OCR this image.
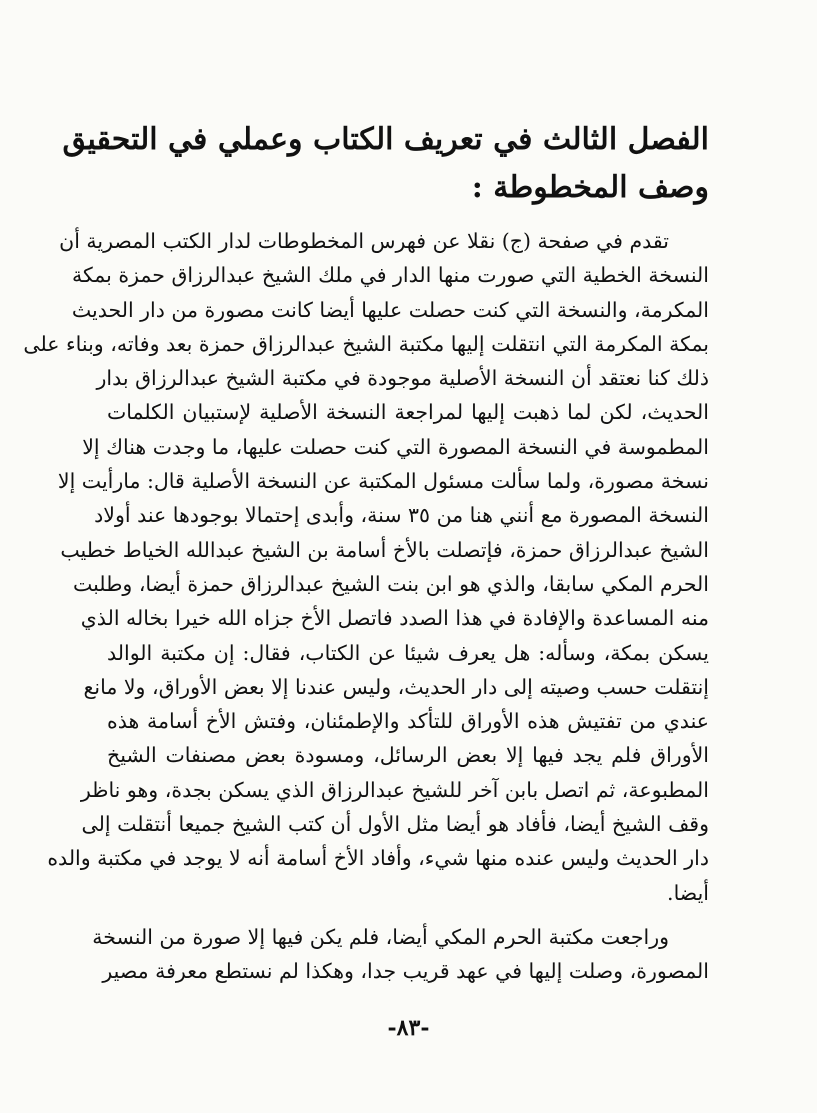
الفصل الثالث في تعريف الكتاب وعملي في التحقيق
وصف المخطوطة :
تقدم في صفحة (ج) نقلا عن فهرس المخطوطات لدار الكتب المصرية أن
النسخة الخطية التي صورت منها الدار في ملك الشيخ عبدالرزاق حمزة بمكة
المكرمة، والنسخة التي كنت حصلت عليها أيضا كانت مصورة من دار الحديث
بمكة المكرمة التي انتقلت إليها مكتبة الشيخ عبدالرزاق حمزة بعد وفاته، وبناء على
ذلك كنا نعتقد أن النسخة الأصلية موجودة في مكتبة الشيخ عبدالرزاق بدار
الحديث، لكن لما ذهبت إليها لمراجعة النسخة الأصلية لإستبيان الكلمات
المطموسة في النسخة المصورة التي كنت حصلت عليها، ما وجدت هناك إلا
نسخة مصورة، ولما سألت مسئول المكتبة عن النسخة الأصلية قال: مارأيت إلا
النسخة المصورة مع أنني هنا من ٣٥ سنة، وأبدى إحتمالا بوجودها عند أولاد
الشيخ عبدالرزاق حمزة، فإتصلت بالأخ أسامة بن الشيخ عبدالله الخياط خطيب
الحرم المكي سابقا، والذي هو ابن بنت الشيخ عبدالرزاق حمزة أيضا، وطلبت
منه المساعدة والإفادة في هذا الصدد فاتصل الأخ جزاه الله خيرا بخاله الذي
يسكن بمكة، وسأله: هل يعرف شيئا عن الكتاب، فقال: إن مكتبة الوالد
إنتقلت حسب وصيته إلى دار الحديث، وليس عندنا إلا بعض الأوراق، ولا مانع
عندي من تفتيش هذه الأوراق للتأكد والإطمئنان، وفتش الأخ أسامة هذه
الأوراق فلم يجد فيها إلا بعض الرسائل، ومسودة بعض مصنفات الشيخ
المطبوعة، ثم اتصل بابن آخر للشيخ عبدالرزاق الذي يسكن بجدة، وهو ناظر
وقف الشيخ أيضا، فأفاد هو أيضا مثل الأول أن كتب الشيخ جميعا أنتقلت إلى
دار الحديث وليس عنده منها شيء، وأفاد الأخ أسامة أنه لا يوجد في مكتبة والده
أيضا.
وراجعت مكتبة الحرم المكي أيضا، فلم يكن فيها إلا صورة من النسخة
المصورة، وصلت إليها في عهد قريب جدا، وهكذا لم نستطع معرفة مصير
-٨٣-
